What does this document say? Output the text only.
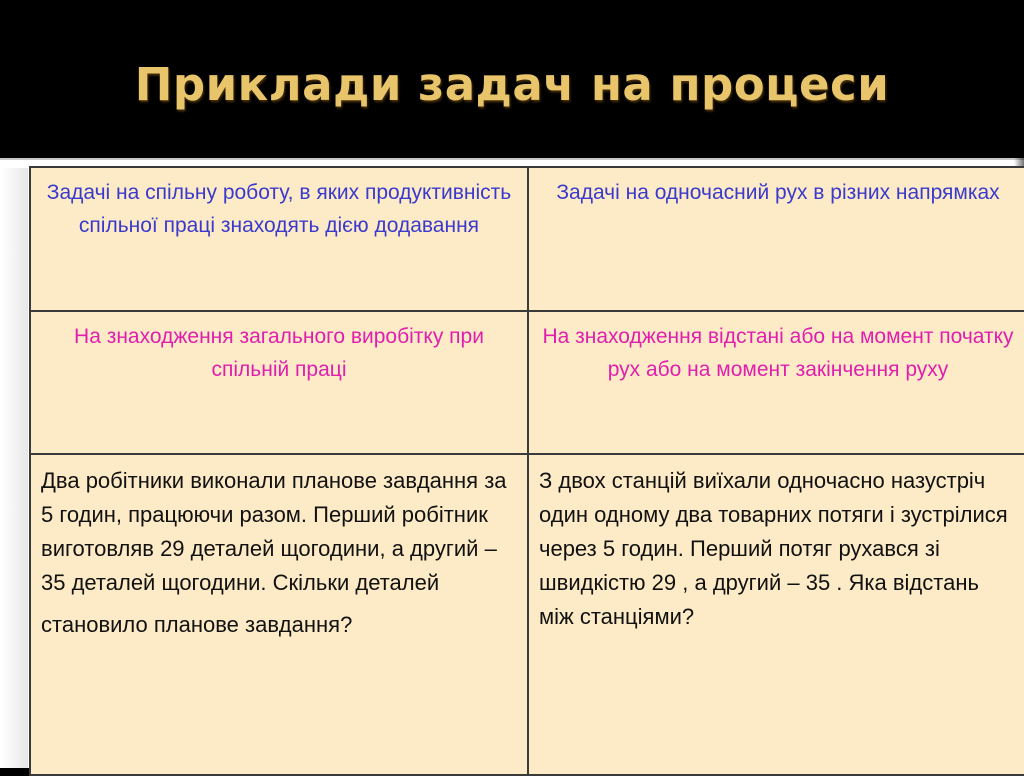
Приклади задач на процеси
Задачі на спільну роботу, в яких продуктивність спільної праці знаходять дією додавання	Задачі на одночасний рух в різних напрямках

На знаходження загального виробітку при спільній праці	На знаходження відстані або на момент початку рух або на момент закінчення руху

Два робітники виконали планове завдання за 5 годин, працюючи разом. Перший робітник виготовляв 29 деталей щогодини, а другий – 35 деталей щогодини. Скільки деталей
становило планове завдання?	З двох станцій виїхали одночасно назустріч один одному два товарних потяги і зустрілися через 5 годин. Перший потяг рухався зі швидкістю 29 , а другий – 35 . Яка відстань між станціями?
